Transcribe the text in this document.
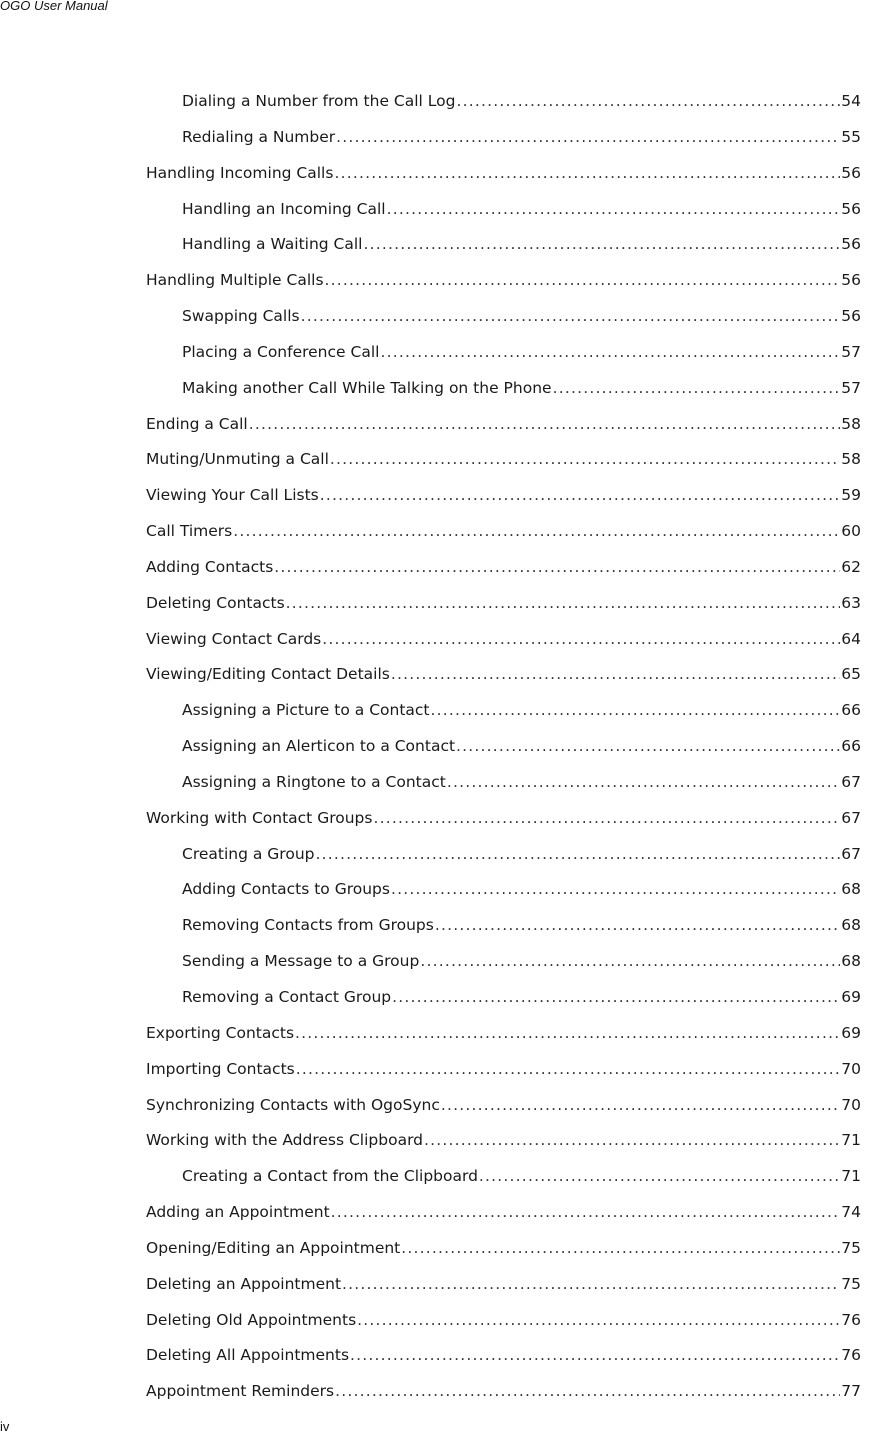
OGO User Manual
Dialing a Number from the Call Log .....	54
Redialing a Number .....	55
Handling Incoming Calls .....	56
Handling an Incoming Call .....	56
Handling a Waiting Call .....	56
Handling Multiple Calls .....	56
Swapping Calls .....	56
Placing a Conference Call .....	57
Making another Call While Talking on the Phone .....	57
Ending a Call .....	58
Muting/Unmuting a Call .....	58
Viewing Your Call Lists .....	59
Call Timers .....	60
Adding Contacts .....	62
Deleting Contacts .....	63
Viewing Contact Cards .....	64
Viewing/Editing Contact Details .....	65
Assigning a Picture to a Contact .....	66
Assigning an Alerticon to a Contact .....	66
Assigning a Ringtone to a Contact .....	67
Working with Contact Groups .....	67
Creating a Group .....	67
Adding Contacts to Groups .....	68
Removing Contacts from Groups .....	68
Sending a Message to a Group .....	68
Removing a Contact Group .....	69
Exporting Contacts .....	69
Importing Contacts .....	70
Synchronizing Contacts with OgoSync .....	70
Working with the Address Clipboard .....	71
Creating a Contact from the Clipboard .....	71
Adding an Appointment .....	74
Opening/Editing an Appointment .....	75
Deleting an Appointment .....	75
Deleting Old Appointments .....	76
Deleting All Appointments .....	76
Appointment Reminders .....	77
iv
